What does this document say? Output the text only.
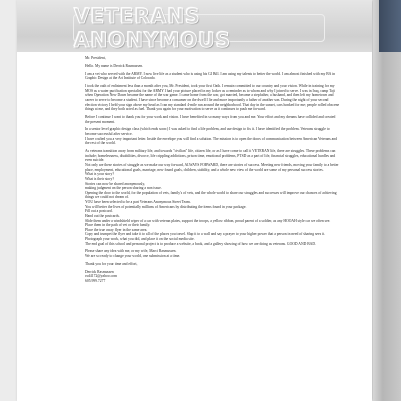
VETERANS ANONYMOUS

Mr. President,

Hello. My name is Derrick Rasmussen.

I am a vet who served with the ARMY. I now live life as a student who is using his GI Bill. I am using my talents to better the world. I am almost finished with my BA in Graphic Design at the Art Institute of Colorado.
I took the oath of enlistment less than a month after you, Mr. President, took your first Oath. I remain committed to our country and your vision. While in training for my MOS as a water purification specialist for the ARMY I had your picture placed in my locker as a reminder as to whom and why I joined to serve. I was in Iraq, camp Taji when Operation New Dawn became the name of the war game. I came home from the war, got married, became a stepfather, a husband, and then left my hometown and career to serve to become a student. I have since become a consumer on the dwell I lie and more importantly a father of another son. During the night of your second election victory I held your sign above my head as I ran my standard 4-mile run around the neighborhood. That day in the sunset, cars honked for me; people rolled obscene things at me, and they both acted as fuel. Thank you again for your motivation to serve as it continues to push me forward.
Before I continue I want to thank you for your work and vision. I have benefited in so many ways from you and me. Your effort and my dreams have collided and created the present moment.
In a senior level graphic design class (which ends soon:) I was asked to find a life problem, and use design to fix it. I have identified the problem. Veterans struggle to become successful after service.
I have crafted you a very important letter. Inside the envelope you will find a solution. The mission is to open the doors of communication between American Veterans and the rest of the world.
As veterans transition away from military life, and towards "civilian" life, citizen life, or as I have come to call it VETERAN life, there are struggles. These problems can include; homelessness, disabilities, divorce, life crippling addictions, prison time, emotional problems, PTSD as a part of life, financial struggles, educational hurdles and even suicide.
Not only are these stories of struggle as we make our way forward, ALWAYS FORWARD, there are stories of success. Meeting new friends, moving your family to a better place, employment, educational goals, marriage, new found goals, children, stability, and a whole new view of the world are some of my personal success stories.
What is your story?
What is their story?
Stories can now be shared anonymously,
making judgment on the person sharing a non issue.
Opening the door to the world, for the population of vets, family's of vets, and the whole world to share our struggles and successes will improve our chances of achieving things we could not dream of.
YOU have been selected to be a part Veterans Anonymous Street Team.
You will better the lives of potentially millions of Americans by distributing the items found in your package.
Fill out a postcard.
Hand out the postcards.
Slide them under a windshield wiper of a car with veteran plates, support the troops, a yellow ribbon, proud parent of a soldier, as any HOOAH style car we often see.
Place them in the path of vet or their family.
Place the true away flyer in the same area.
Copy and trumpet the flyer and take it to all of the places you travel. Slap it to a wall and say a prayer to your higher power that a person in need of sharing sees it.
Photograph your work, what you did, and place it on the social media site.
The end goal of this school and personal project is to produce a website, a book, and a gallery showing of how we are doing as veterans. GOOD AND BAD.
Please share any idea with me, or my wife, Marci Rasmussen.
We are so ready to change your world, one submission at a time.
Thank you for your time and effort,
Derrick Rasmussen
rxd4172@yahoo.com
605.999.7277
